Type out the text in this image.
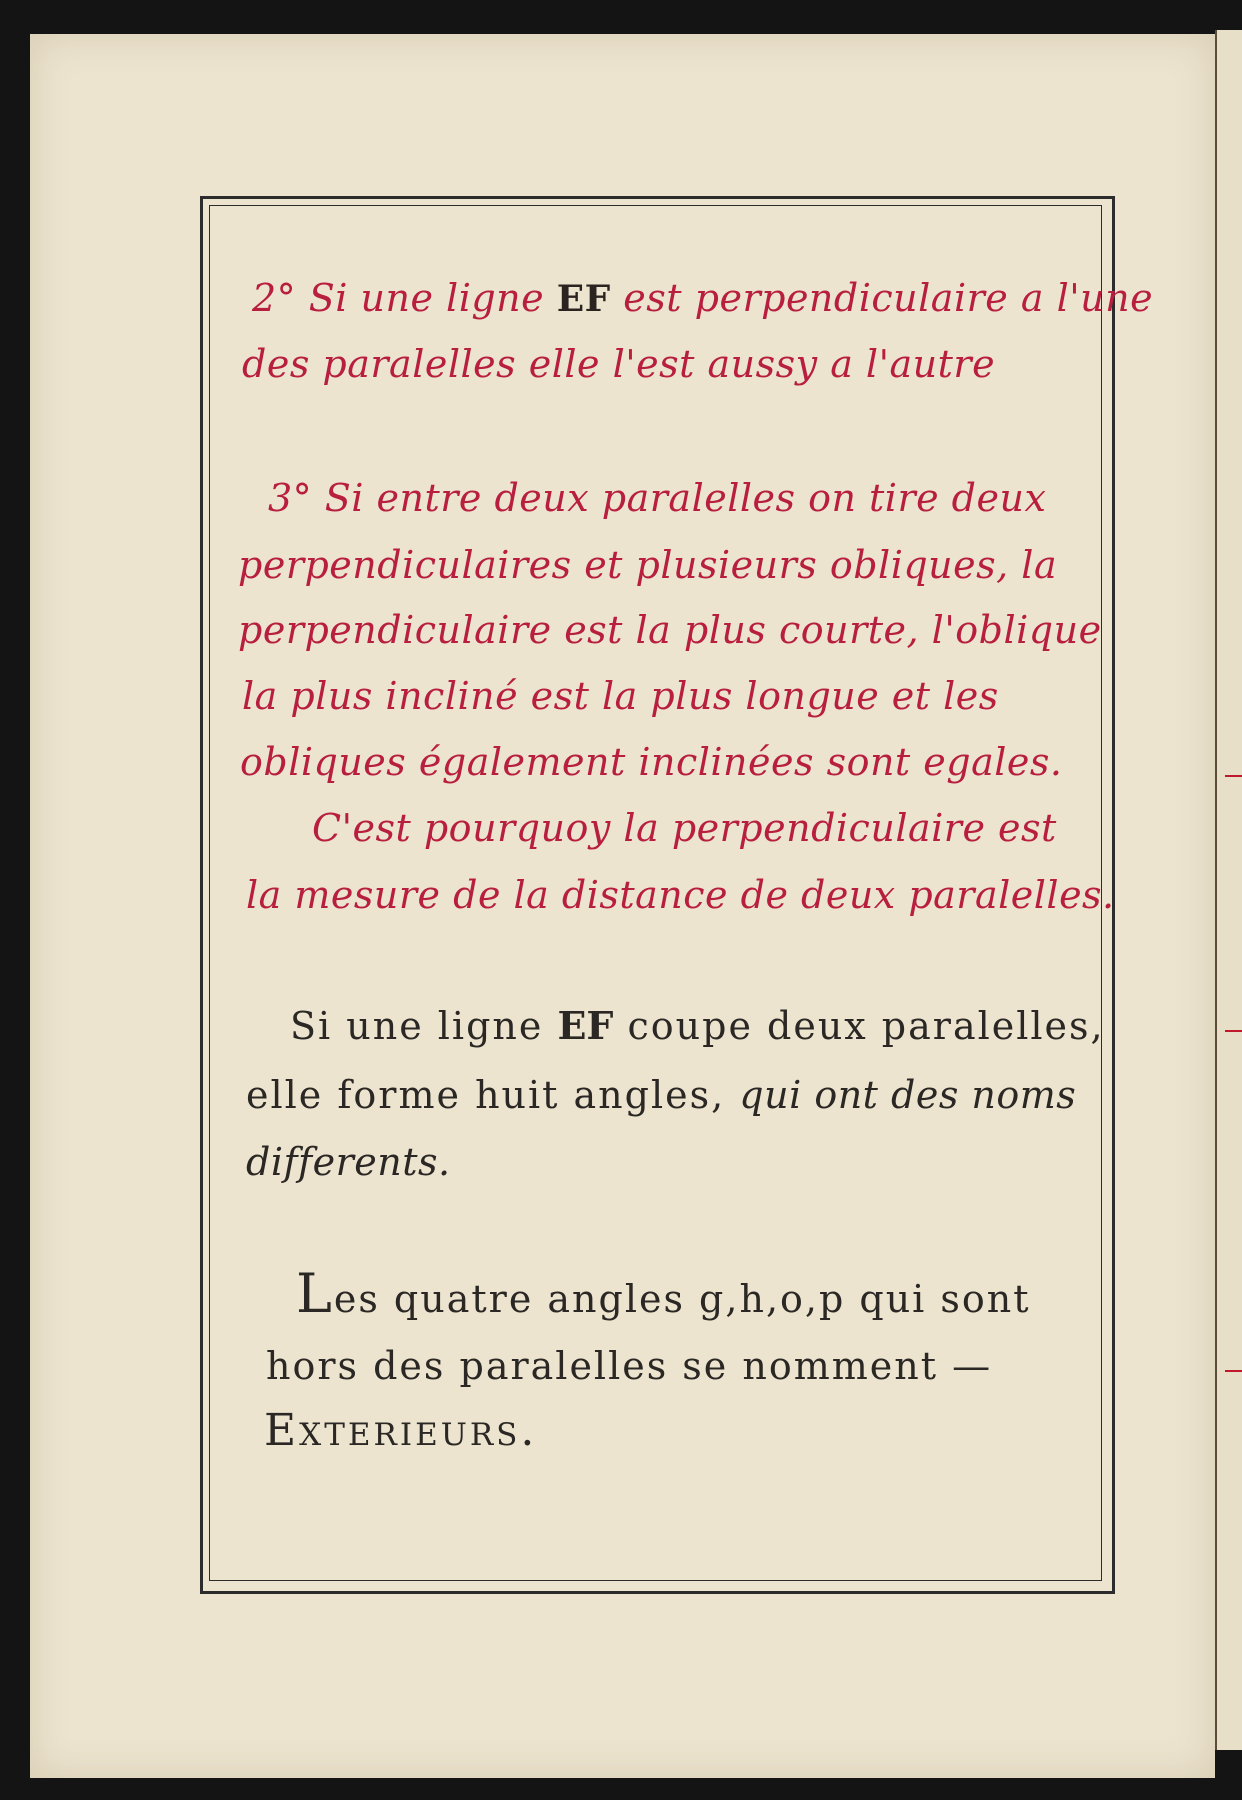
2° Si une ligne EF est perpendiculaire a l'une
des paralelles elle l'est aussy a l'autre
3° Si entre deux paralelles on tire deux
perpendiculaires et plusieurs obliques, la
perpendiculaire est la plus courte, l'oblique
la plus incliné est la plus longue et les
obliques également inclinées sont egales.
C'est pourquoy la perpendiculaire est
la mesure de la distance de deux paralelles.
Si une ligne EF coupe deux paralelles,
elle forme huit angles, qui ont des noms
differents.
Les quatre angles g,h,o,p qui sont
hors des paralelles se nomment —
Exterieurs.
